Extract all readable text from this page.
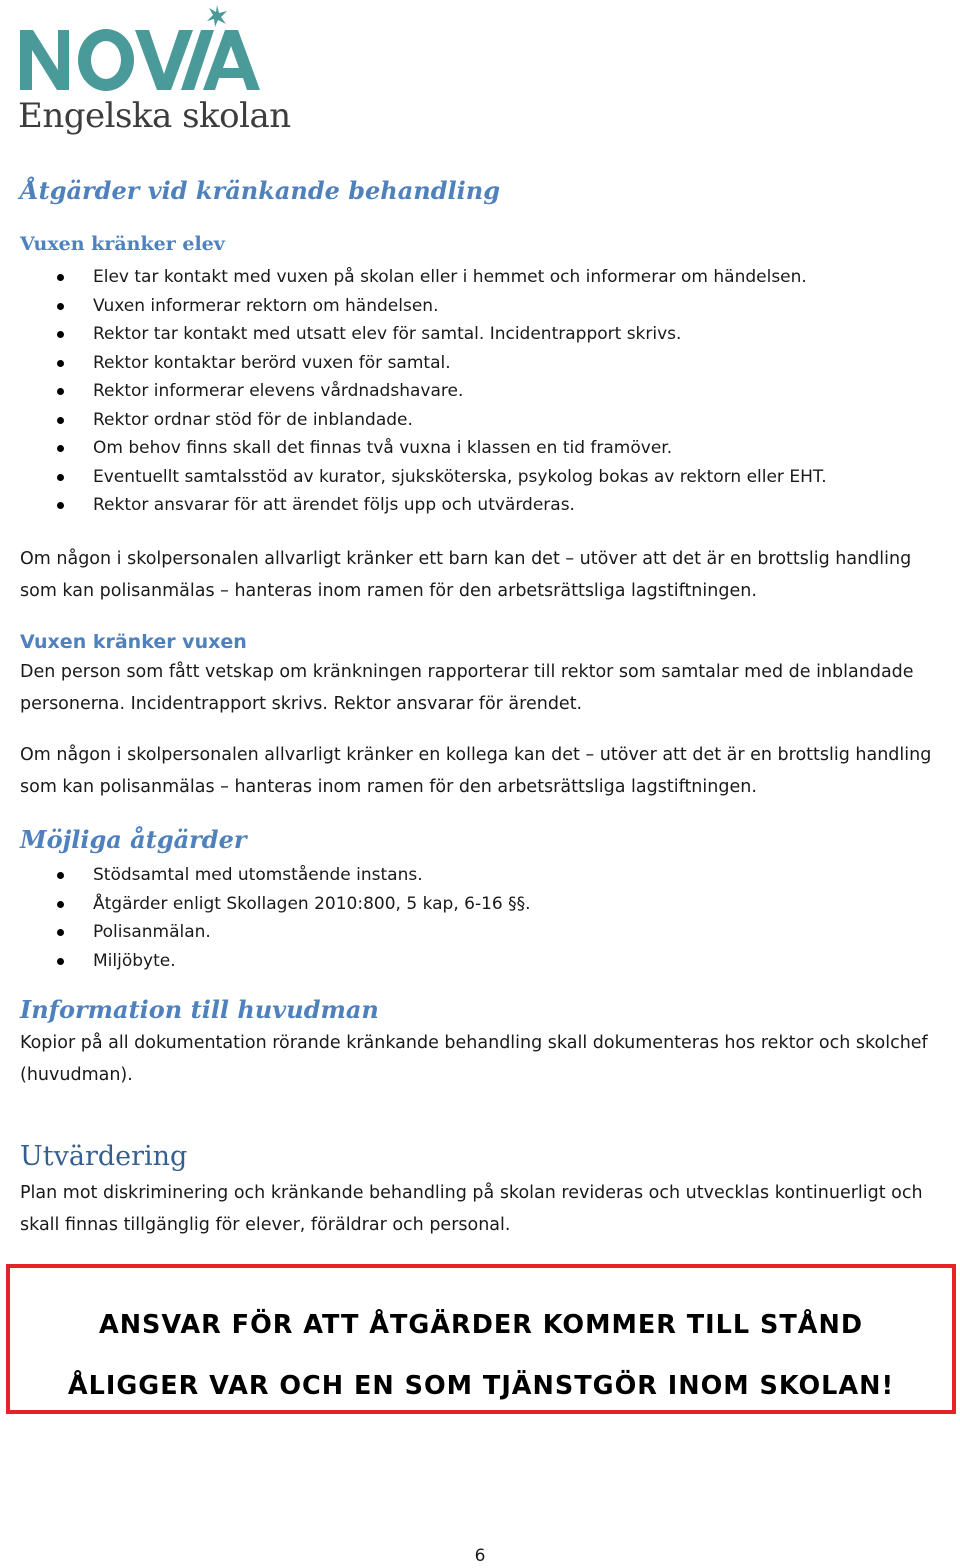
Engelska skolan
Åtgärder vid kränkande behandling
Vuxen kränker elev
Elev tar kontakt med vuxen på skolan eller i hemmet och informerar om händelsen.
Vuxen informerar rektorn om händelsen.
Rektor tar kontakt med utsatt elev för samtal. Incidentrapport skrivs.
Rektor kontaktar berörd vuxen för samtal.
Rektor informerar elevens vårdnadshavare.
Rektor ordnar stöd för de inblandade.
Om behov finns skall det finnas två vuxna i klassen en tid framöver.
Eventuellt samtalsstöd av kurator, sjuksköterska, psykolog bokas av rektorn eller EHT.
Rektor ansvarar för att ärendet följs upp och utvärderas.

Om någon i skolpersonalen allvarligt kränker ett barn kan det – utöver att det är en brottslig handling som kan polisanmälas – hanteras inom ramen för den arbetsrättsliga lagstiftningen.

Vuxen kränker vuxen

Den person som fått vetskap om kränkningen rapporterar till rektor som samtalar med de inblandade personerna. Incidentrapport skrivs. Rektor ansvarar för ärendet.

Om någon i skolpersonalen allvarligt kränker en kollega kan det – utöver att det är en brottslig handling som kan polisanmälas – hanteras inom ramen för den arbetsrättsliga lagstiftningen.

Möjliga åtgärder
Stödsamtal med utomstående instans.
Åtgärder enligt Skollagen 2010:800, 5 kap, 6-16 §§.
Polisanmälan.
Miljöbyte.
Information till huvudman

Kopior på all dokumentation rörande kränkande behandling skall dokumenteras hos rektor och skolchef (huvudman).

Utvärdering

Plan mot diskriminering och kränkande behandling på skolan revideras och utvecklas kontinuerligt och skall finnas tillgänglig för elever, föräldrar och personal.

ANSVAR FÖR ATT ÅTGÄRDER KOMMER TILL STÅND
ÅLIGGER VAR OCH EN SOM TJÄNSTGÖR INOM SKOLAN!
6
